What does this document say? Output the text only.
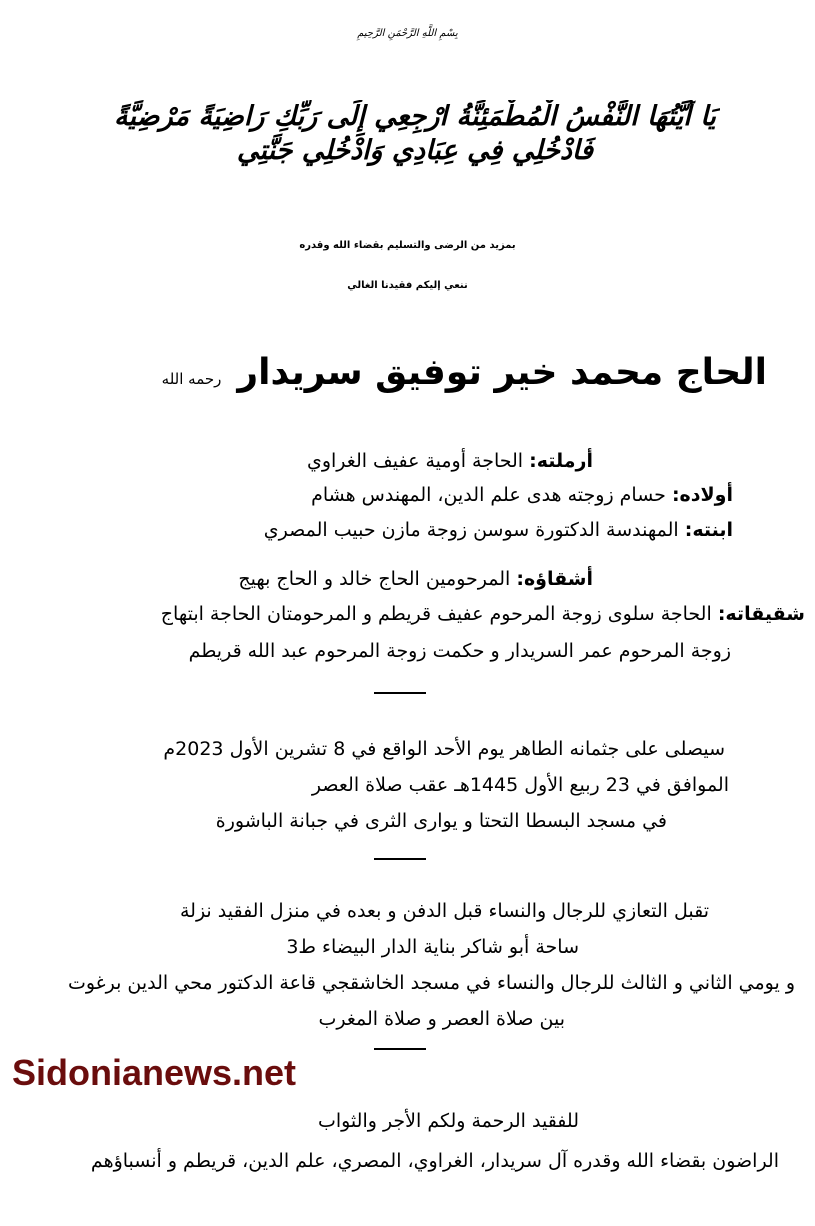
بِسْمِ اللَّهِ الرَّحْمَنِ الرَّحِيمِ
يَا أَيَّتُهَا النَّفْسُ الْمُطْمَئِنَّةُ ارْجِعِي إِلَى رَبِّكِ رَاضِيَةً مَرْضِيَّةً فَادْخُلِي فِي عِبَادِي وَادْخُلِي جَنَّتِي
بمزيد من الرضى والتسليم بقضاء الله وقدره
ننعي إليكم فقيدنا الغالي
الحاج محمد خير توفيق سريدار
رحمه الله
أرملته: الحاجة أومية عفيف الغراوي
أولاده: حسام زوجته هدى علم الدين، المهندس هشام
ابنته: المهندسة الدكتورة سوسن زوجة مازن حبيب المصري
أشقاؤه: المرحومين الحاج خالد و الحاج بهيج
شقيقاته: الحاجة سلوى زوجة المرحوم عفيف قريطم و المرحومتان الحاجة ابتهاج
زوجة المرحوم عمر السريدار و حكمت زوجة المرحوم عبد الله قريطم
سيصلى على جثمانه الطاهر يوم الأحد الواقع في 8 تشرين الأول 2023م
الموافق في 23 ربيع الأول 1445هـ عقب صلاة العصر
في مسجد البسطا التحتا و يوارى الثرى في جبانة الباشورة
تقبل التعازي للرجال والنساء قبل الدفن و بعده في منزل الفقيد نزلة
ساحة أبو شاكر بناية الدار البيضاء ط3
و يومي الثاني و الثالث للرجال والنساء في مسجد الخاشقجي قاعة الدكتور محي الدين برغوت
بين صلاة العصر و صلاة المغرب
Sidonianews.net
للفقيد الرحمة ولكم الأجر والثواب
الراضون بقضاء الله وقدره آل سريدار، الغراوي، المصري، علم الدين، قريطم و أنسباؤهم
